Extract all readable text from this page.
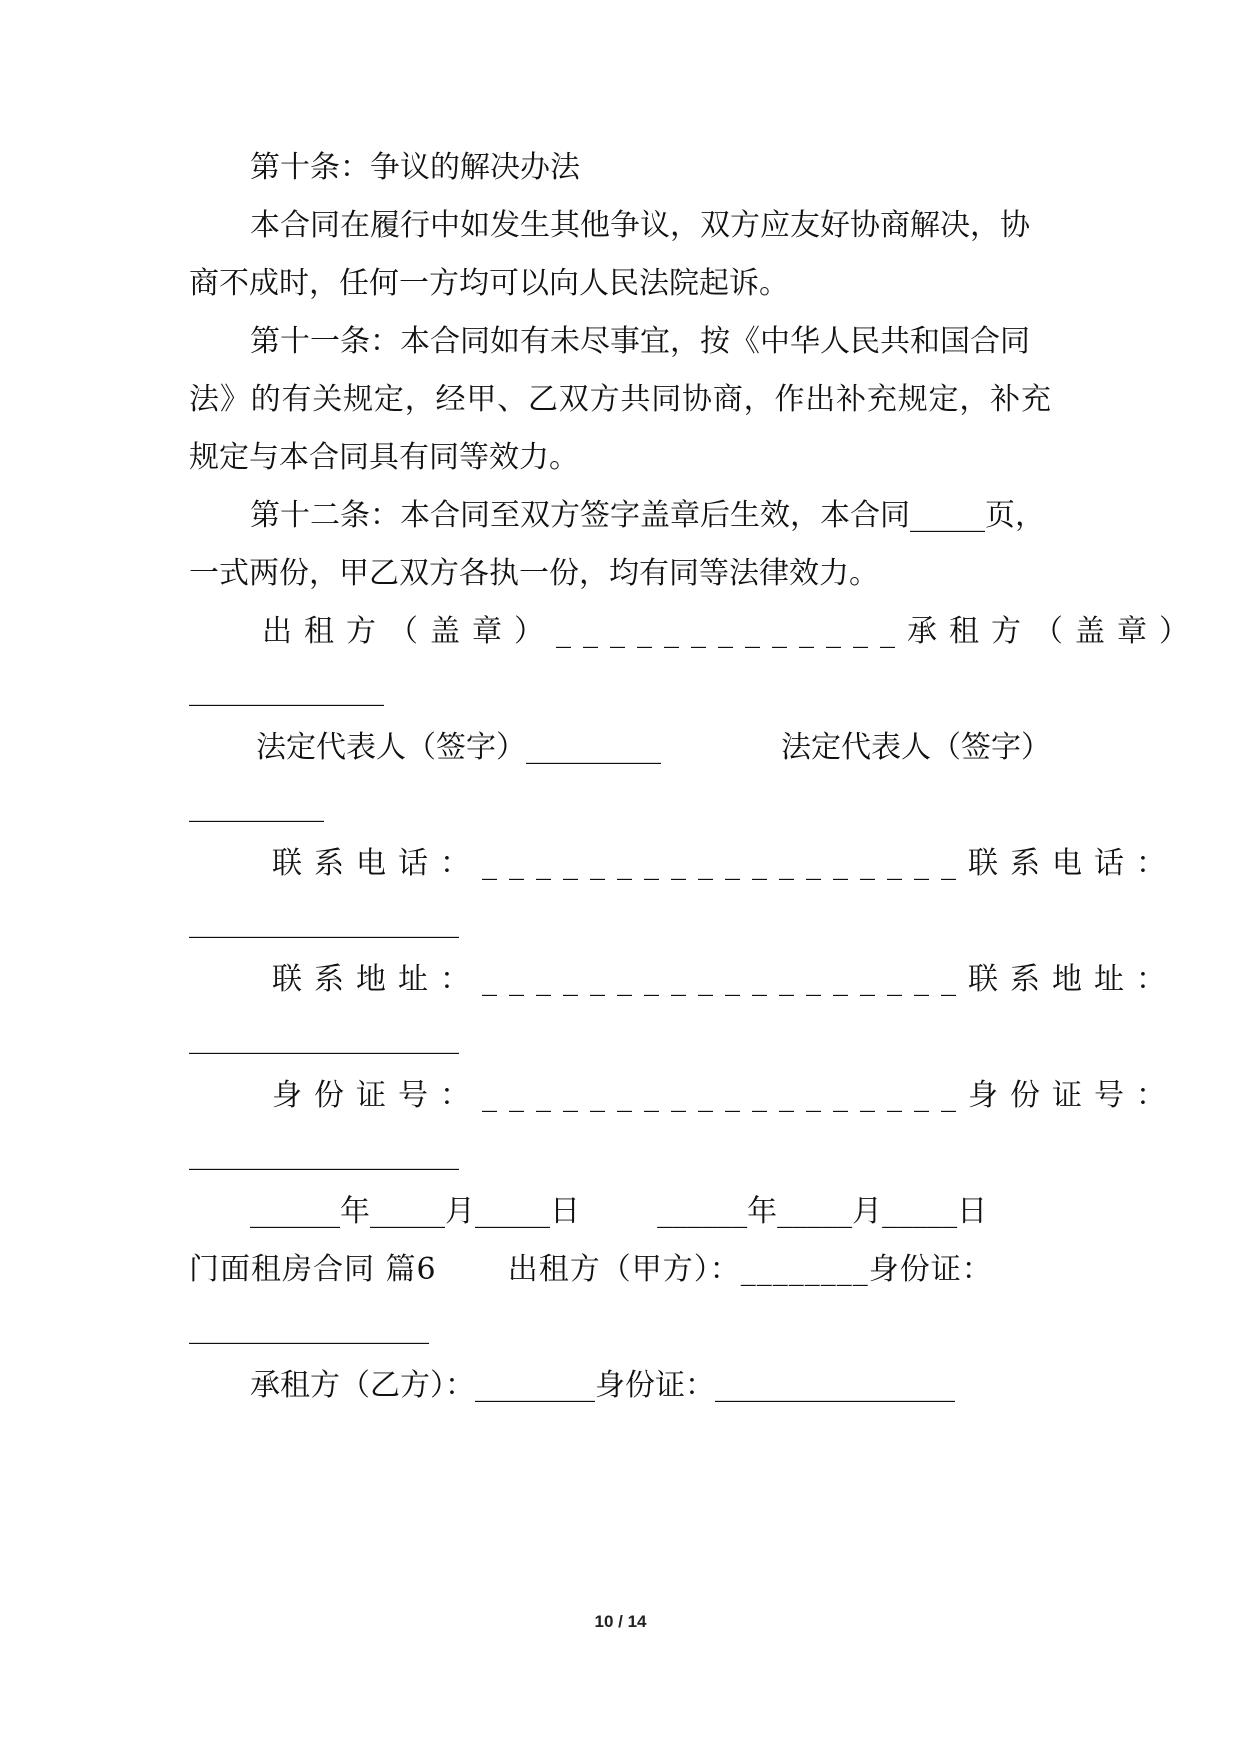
第十条：争议的解决办法

本合同在履行中如发生其他争议，双方应友好协商解决，协

商不成时，任何一方均可以向人民法院起诉。

第十一条：本合同如有未尽事宜，按《中华人民共和国合同

法》的有关规定，经甲、乙双方共同协商，作出补充规定，补充

规定与本合同具有同等效力。

第十二条：本合同至双方签字盖章后生效，本合同_____页，

一式两份，甲乙双方各执一份，均有同等法律效力。

出租方（盖章）_____________ 承租方（盖章）

_____________

法定代表人（签字）_________	法定代表人（签字）

_________

联系电话：__________________ 联系电话：

__________________

联系地址：__________________ 联系地址：

__________________

身份证号：__________________ 身份证号：

__________________

______年_____月_____日	______年_____月_____日
门面租房合同 篇6 出租方（甲方）：________身份证：

________________

承租方（乙方）：________身份证：________________

10 / 14
